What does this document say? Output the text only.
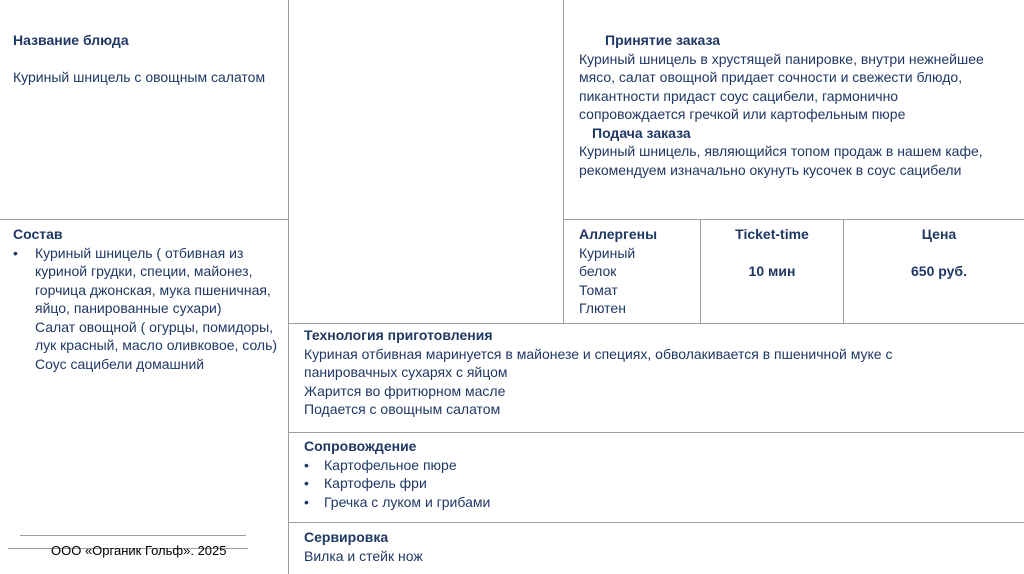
Название блюда
Куриный шницель с овощным салатом
Принятие заказа
Куриный шницель в хрустящей панировке, внутри нежнейшее мясо, салат овощной придает сочности и свежести блюдо, пикантности придаст соус сацибели, гармонично сопровождается гречкой или картофельным пюре
Подача заказа
Куриный шницель, являющийся топом продаж в нашем кафе, рекомендуем изначально окунуть кусочек в соус сацибели
Состав
• Куриный шницель ( отбивная из куриной грудки, специи, майонез, горчица джонская, мука пшеничная, яйцо, панированные сухари)
Салат овощной ( огурцы, помидоры, лук красный, масло оливковое, соль)
Соус сацибели домашний
Аллергены
Куриный
белок
Томат
Глютен
Ticket-time
10 мин
Цена
650 руб.
Технология приготовления
Куриная отбивная маринуется в майонезе и специях, обволакивается в пшеничной муке с панировачных сухарях с яйцом
Жарится во фритюрном масле
Подается с овощным салатом
Сопровождение
• Картофельное пюре
• Картофель фри
• Гречка с луком и грибами
Сервировка
Вилка и стейк нож
ООО «Органик Гольф». 2025
